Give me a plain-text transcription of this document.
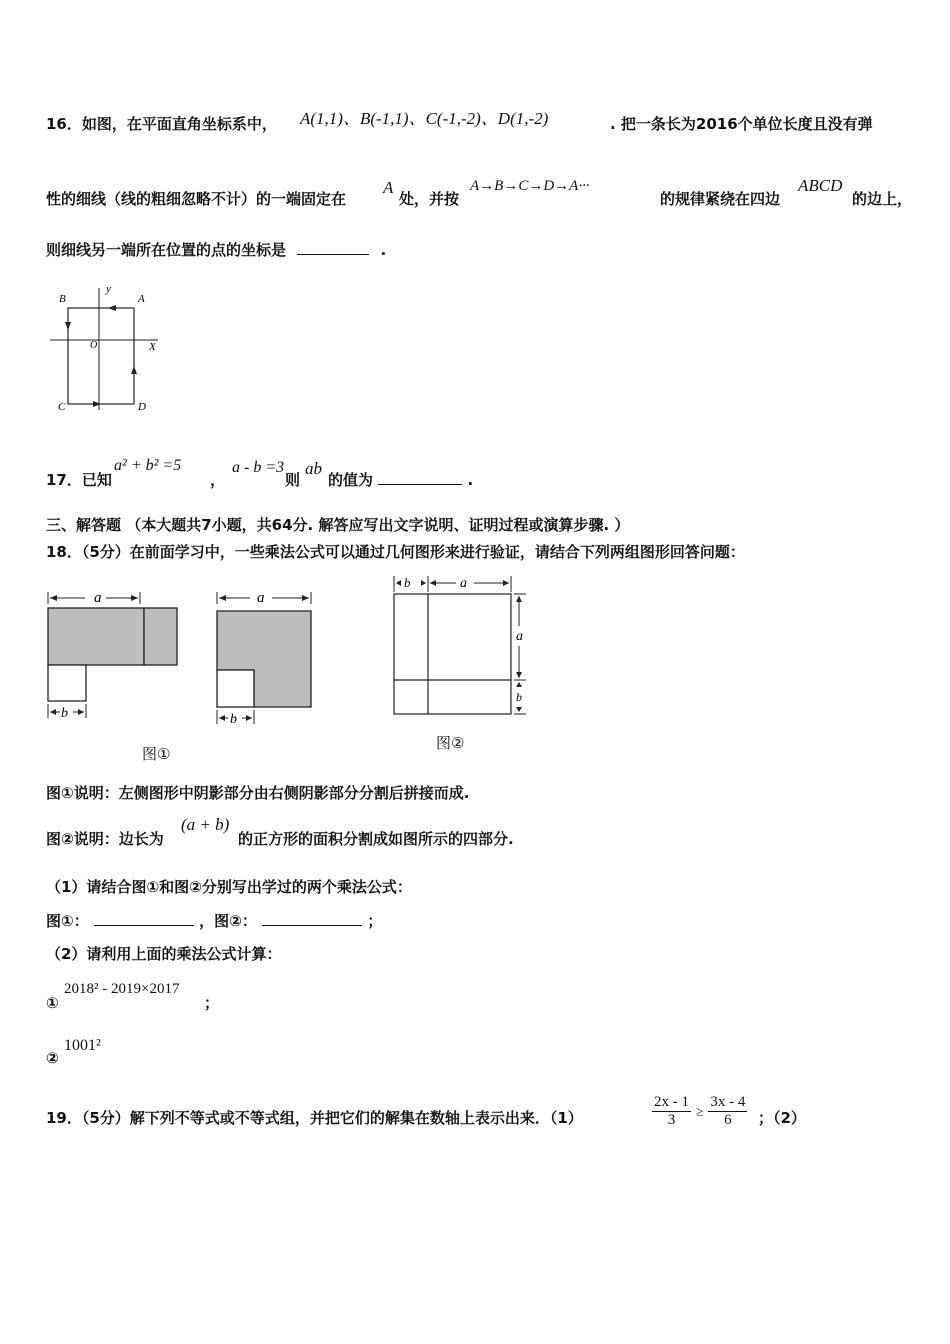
16．如图，在平面直角坐标系中， A(1,1)、B(-1,1)、C(-1,-2)、D(1,-2)	. 把一条长为2016个单位长度且没有弹
性的细线（线的粗细忽略不计）的一端固定在
A
处，并按
A→B→C→D→A···
的规律紧绕在四边
ABCD
的边上，
则细线另一端所在位置的点的坐标是	.
B	A
C	D
O	X
y
17．已知
a² + b² =5
，
a - b =3
则
ab
的值为	.
三、解答题 （本大题共7小题，共64分. 解答应写出文字说明、证明过程或演算步骤. ）
18．（5分）在前面学习中，一些乘法公式可以通过几何图形来进行验证，请结合下列两组图形回答问题：
a
b
a
b
图①
b	a
a
b
图②
图①说明：左侧图形中阴影部分由右侧阴影部分分割后拼接而成.
图②说明：边长为
(a + b)
的正方形的面积分割成如图所示的四部分.
（1）请结合图①和图②分别写出学过的两个乘法公式：
图①：	，图②：	；
（2）请利用上面的乘法公式计算：
①
2018² - 2019×2017
；
②
1001²
19．（5分）解下列不等式或不等式组，并把它们的解集在数轴上表示出来．（1）	$\frac{2x - 1}{3} \ge \frac{3x - 4}{6}$ ；（2）
